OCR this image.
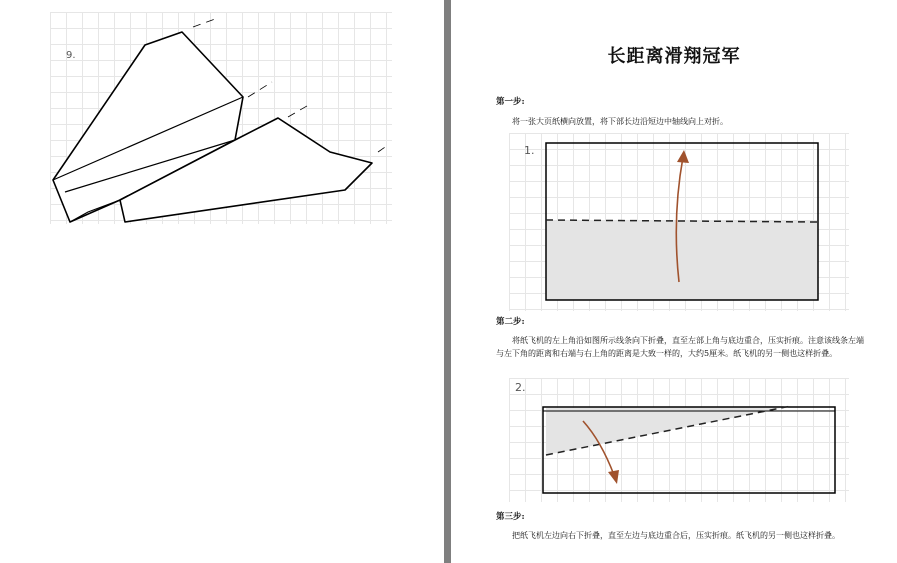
9.	长距离滑翔冠军
第一步:
将一张大页纸横向放置，将下部长边沿短边中轴线向上对折。
1.
第二步:
将纸飞机的左上角沿如图所示线条向下折叠，直至左部上角与底边重合，压实折痕。注意该线条左端与左下角的距离和右端与右上角的距离是大致一样的，大约5厘米。纸飞机的另一侧也这样折叠。
2.
第三步:
把纸飞机左边向右下折叠，直至左边与底边重合后，压实折痕。纸飞机的另一侧也这样折叠。
